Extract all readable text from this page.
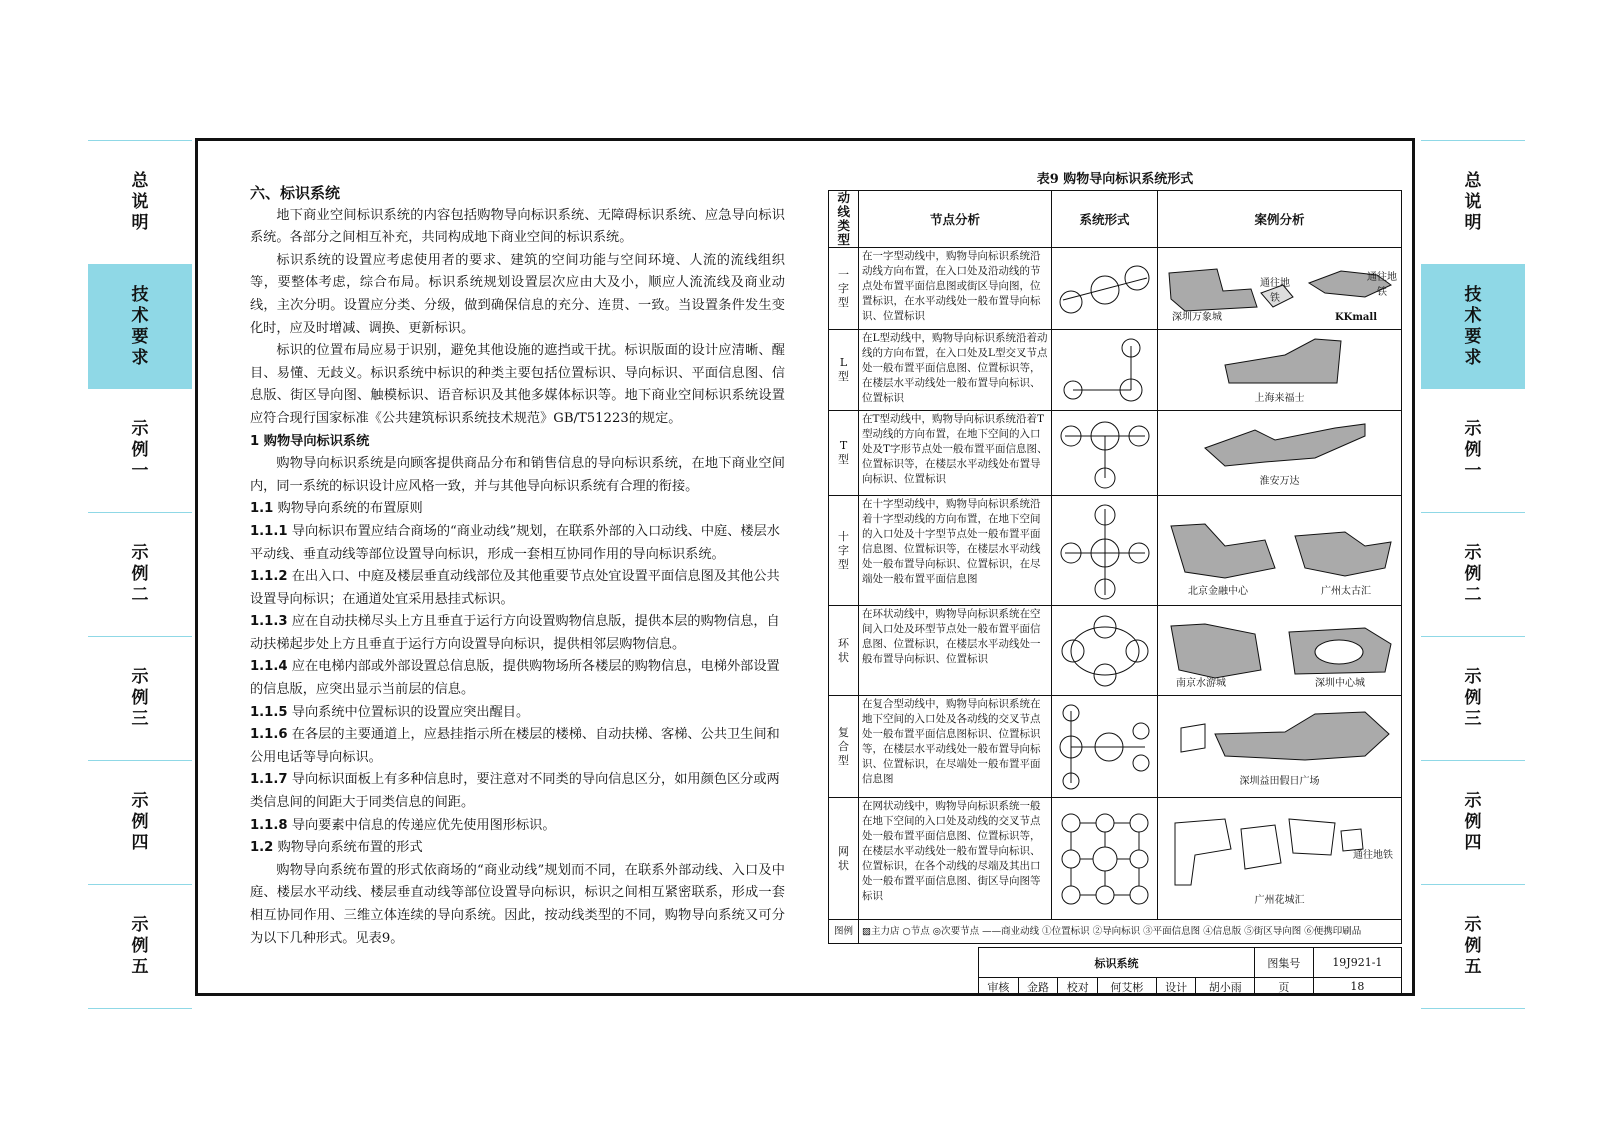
总说明
技术要求
示例一
示例二
示例三
示例四
示例五
总说明
技术要求
示例一
示例二
示例三
示例四
示例五

六、标识系统

地下商业空间标识系统的内容包括购物导向标识系统、无障碍标识系统、应急导向标识系统。各部分之间相互补充，共同构成地下商业空间的标识系统。

标识系统的设置应考虑使用者的要求、建筑的空间功能与空间环境、人流的流线组织等，要整体考虑，综合布局。标识系统规划设置层次应由大及小，顺应人流流线及商业动线，主次分明。设置应分类、分级，做到确保信息的充分、连贯、一致。当设置条件发生变化时，应及时增减、调换、更新标识。

标识的位置布局应易于识别，避免其他设施的遮挡或干扰。标识版面的设计应清晰、醒目、易懂、无歧义。标识系统中标识的种类主要包括位置标识、导向标识、平面信息图、信息版、街区导向图、触模标识、语音标识及其他多媒体标识等。地下商业空间标识系统设置应符合现行国家标准《公共建筑标识系统技术规范》GB/T51223的规定。

1 购物导向标识系统

购物导向标识系统是向顾客提供商品分布和销售信息的导向标识系统，在地下商业空间内，同一系统的标识设计应风格一致，并与其他导向标识系统有合理的衔接。

1.1 购物导向系统的布置原则

1.1.1 导向标识布置应结合商场的“商业动线”规划，在联系外部的入口动线、中庭、楼层水平动线、垂直动线等部位设置导向标识，形成一套相互协同作用的导向标识系统。

1.1.2 在出入口、中庭及楼层垂直动线部位及其他重要节点处宜设置平面信息图及其他公共设置导向标识；在通道处宜采用悬挂式标识。

1.1.3 应在自动扶梯尽头上方且垂直于运行方向设置购物信息版，提供本层的购物信息，自动扶梯起步处上方且垂直于运行方向设置导向标识，提供相邻层购物信息。

1.1.4 应在电梯内部或外部设置总信息版，提供购物场所各楼层的购物信息，电梯外部设置的信息版，应突出显示当前层的信息。

1.1.5 导向系统中位置标识的设置应突出醒目。

1.1.6 在各层的主要通道上，应悬挂指示所在楼层的楼梯、自动扶梯、客梯、公共卫生间和公用电话等导向标识。

1.1.7 导向标识面板上有多种信息时，要注意对不同类的导向信息区分，如用颜色区分或两类信息间的间距大于同类信息的间距。

1.1.8 导向要素中信息的传递应优先使用图形标识。

1.2 购物导向系统布置的形式

购物导向系统布置的形式依商场的“商业动线”规划而不同，在联系外部动线、入口及中庭、楼层水平动线、楼层垂直动线等部位设置导向标识，标识之间相互紧密联系，形成一套相互协同作用、三维立体连续的导向系统。因此，按动线类型的不同，购物导向系统又可分为以下几种形式。见表9。

表9 购物导向标识系统形式
动线类型	节点分析	系统形式	案例分析
一字型	在一字型动线中，购物导向标识系统沿动线方向布置，在入口处及沿动线的节点处布置平面信息图或街区导向图，位置标识，在水平动线处一般布置导向标识、位置标识		深圳万象城 KKmall
通往地铁
通往地铁

L型	在L型动线中，购物导向标识系统沿着动线的方向布置，在入口处及L型交叉节点处一般布置平面信息图、位置标识等，在楼层水平动线处一般布置导向标识、位置标识		上海来福士

T型	在T型动线中，购物导向标识系统沿着T型动线的方向布置，在地下空间的入口处及T字形节点处一般布置平面信息图、位置标识等，在楼层水平动线处布置导向标识、位置标识		淮安万达

十字型	在十字型动线中，购物导向标识系统沿着十字型动线的方向布置，在地下空间的入口处及十字型节点处一般布置平面信息图、位置标识等，在楼层水平动线处一般布置导向标识、位置标识，在尽端处一般布置平面信息图		北京金融中心 广州太古汇

环状	在环状动线中，购物导向标识系统在空间入口处及环型节点处一般布置平面信息图、位置标识，在楼层水平动线处一般布置导向标识、位置标识		南京水游城 深圳中心城

复合型	在复合型动线中，购物导向标识系统在地下空间的入口处及各动线的交叉节点处一般布置平面信息图标识、位置标识等，在楼层水平动线处一般布置导向标识、位置标识，在尽端处一般布置平面信息图		深圳益田假日广场

网状	在网状动线中，购物导向标识系统一般在地下空间的入口处及动线的交叉节点处一般布置平面信息图、位置标识等，在楼层水平动线处一般布置导向标识、位置标识，在各个动线的尽端及其出口处一般布置平面信息图、街区导向图等标识		通往地铁
广州花城汇

图例	▨主力店 ○节点 ◎次要节点 ——商业动线 ①位置标识 ②导向标识 ③平面信息图 ④信息版 ⑤街区导向图 ⑥便携印刷品		
标识系统						图集号	19J921-1
审核	金路	校对	何艾彬	设计	胡小雨	页	18
